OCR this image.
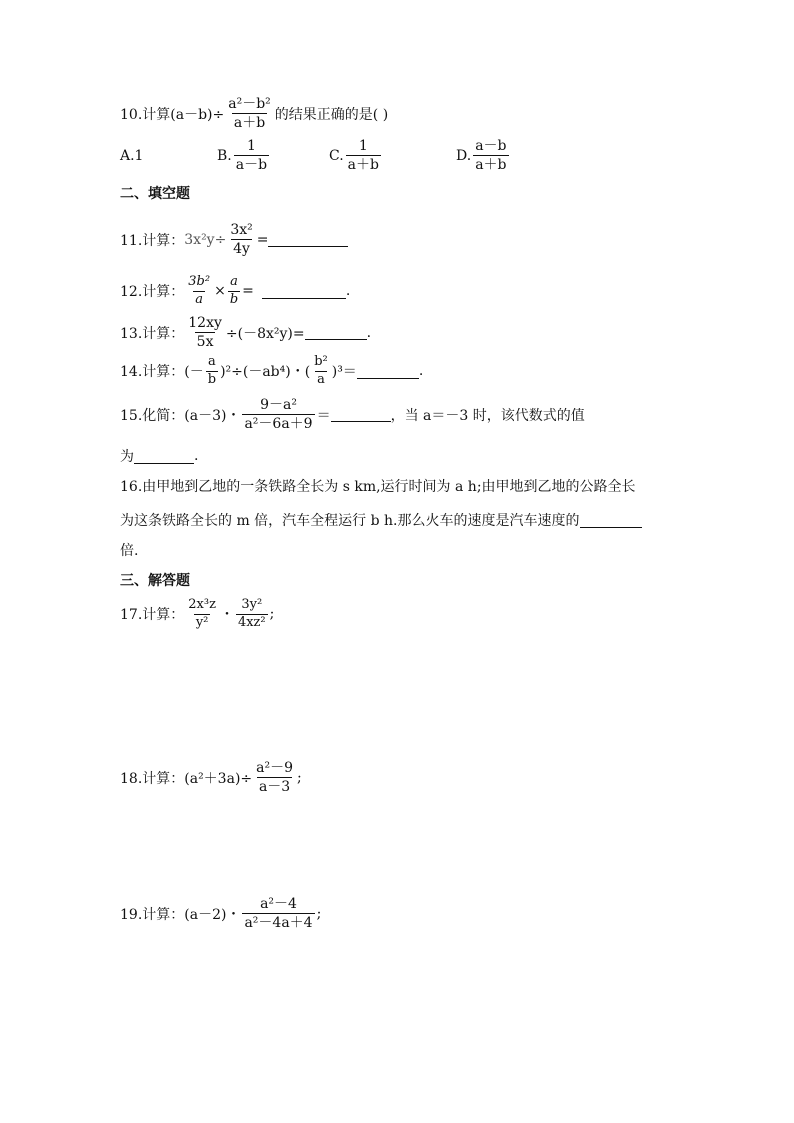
10.计算$(a-b)\div \frac{\text{a²－b²}}{a+b}$ 的结果正确的是( )
A.1	B. $\frac{1}{a-b}$	C. $\frac{1}{a+b}$	D. $\frac{a-b}{a+b}$
二、填空题
11.计算： $3x^2y\div \frac{\text{3x²}}{4y}$ =
12.计算： $\frac{\text{3b²}}{a} \times \frac{a}{b}$ =	.
13.计算： $\frac{12xy}{5x} \div(-8x^2y)=$	.
14.计算： (－ $\frac{a}{b} )^2\div(-ab^4)$・( $\frac{\text{b²}}{a} )^3=$	.
15.化简： (a－3)・ $\frac{\text{9－a²}}{\text{a²－6a＋9}}$ ＝	，当 a＝－3 时，该代数式的值
为	.
16.由甲地到乙地的一条铁路全长为 s km,运行时间为 a h;由甲地到乙地的公路全长
为这条铁路全长的 m 倍，汽车全程运行 b h.那么火车的速度是汽车速度的
倍.
三、解答题
17.计算： $\frac{\text{2x³z}}{\text{y²}}$ ・ $\frac{\text{3y²}}{\text{4xz²}}$ ;
18.计算： $(a^2+3a)\div \frac{\text{a²－9}}{a-3}$ ;
19.计算： (a－2)・ $\frac{\text{a²－4}}{\text{a²－4a＋4}}$ ;
